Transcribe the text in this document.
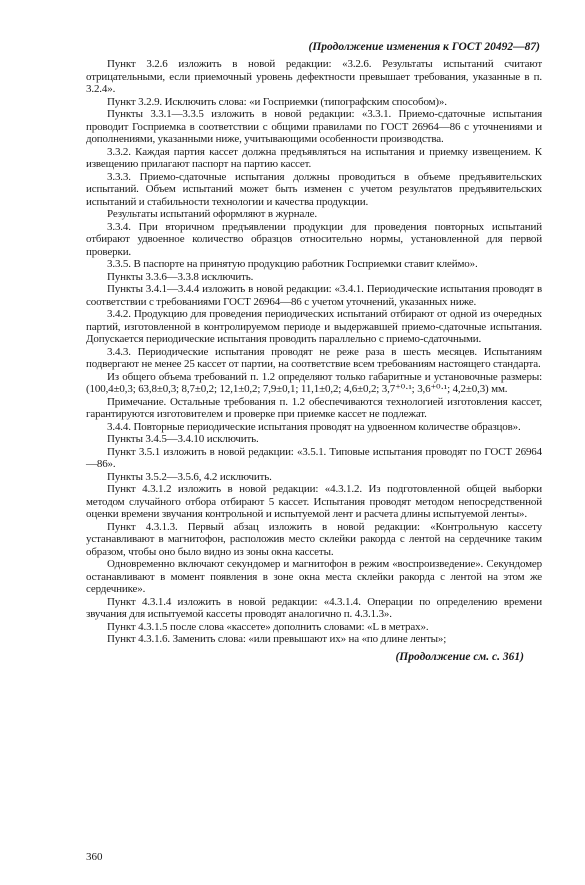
(Продолжение изменения к ГОСТ 20492—87)

Пункт 3.2.6 изложить в новой редакции: «3.2.6. Результаты испытаний считают отрицательными, если приемочный уровень дефектности превышает требования, указанные в п. 3.2.4».

Пункт 3.2.9. Исключить слова: «и Госприемки (типографским способом)».

Пункты 3.3.1—3.3.5 изложить в новой редакции: «3.3.1. Приемо-сдаточные испытания проводит Госприемка в соответствии с общими правилами по ГОСТ 26964—86 с уточнениями и дополнениями, указанными ниже, учитывающими особенности производства.

3.3.2. Каждая партия кассет должна предъявляться на испытания и приемку извещением. К извещению прилагают паспорт на партию кассет.

3.3.3. Приемо-сдаточные испытания должны проводиться в объеме предъявительских испытаний. Объем испытаний может быть изменен с учетом результатов предъявительских испытаний и стабильности технологии и качества продукции.

Результаты испытаний оформляют в журнале.

3.3.4. При вторичном предъявлении продукции для проведения повторных испытаний отбирают удвоенное количество образцов относительно нормы, установленной для первой проверки.

3.3.5. В паспорте на принятую продукцию работник Госприемки ставит клеймо».

Пункты 3.3.6—3.3.8 исключить.

Пункты 3.4.1—3.4.4 изложить в новой редакции: «3.4.1. Периодические испытания проводят в соответствии с требованиями ГОСТ 26964—86 с учетом уточнений, указанных ниже.

3.4.2. Продукцию для проведения периодических испытаний отбирают от одной из очередных партий, изготовленной в контролируемом периоде и выдержавшей приемо-сдаточные испытания. Допускается периодические испытания проводить параллельно с приемо-сдаточными.

3.4.3. Периодические испытания проводят не реже раза в шесть месяцев. Испытаниям подвергают не менее 25 кассет от партии, на соответствие всем требованиям настоящего стандарта.

Из общего объема требований п. 1.2 определяют только габаритные и установочные размеры: (100,4±0,3; 63,8±0,3; 8,7±0,2; 12,1±0,2; 7,9±0,1; 11,1±0,2; 4,6±0,2; 3,7⁺⁰·¹; 3,6⁺⁰·¹; 4,2±0,3) мм.

Примечание. Остальные требования п. 1.2 обеспечиваются технологией изготовления кассет, гарантируются изготовителем и проверке при приемке кассет не подлежат.

3.4.4. Повторные периодические испытания проводят на удвоенном количестве образцов».

Пункты 3.4.5—3.4.10 исключить.

Пункт 3.5.1 изложить в новой редакции: «3.5.1. Типовые испытания проводят по ГОСТ 26964—86».

Пункты 3.5.2—3.5.6, 4.2 исключить.

Пункт 4.3.1.2 изложить в новой редакции: «4.3.1.2. Из подготовленной общей выборки методом случайного отбора отбирают 5 кассет. Испытания проводят методом непосредственной оценки времени звучания контрольной и испытуемой лент и расчета длины испытуемой ленты».

Пункт 4.3.1.3. Первый абзац изложить в новой редакции: «Контрольную кассету устанавливают в магнитофон, расположив место склейки ракорда с лентой на сердечнике таким образом, чтобы оно было видно из зоны окна кассеты.

Одновременно включают секундомер и магнитофон в режим «воспроизведение». Секундомер останавливают в момент появления в зоне окна места склейки ракорда с лентой на этом же сердечнике».

Пункт 4.3.1.4 изложить в новой редакции: «4.3.1.4. Операции по определению времени звучания для испытуемой кассеты проводят аналогично п. 4.3.1.3».

Пункт 4.3.1.5 после слова «кассете» дополнить словами: «L в метрах».

Пункт 4.3.1.6. Заменить слова: «или превышают их» на «по длине ленты»;

(Продолжение см. с. 361)
360
